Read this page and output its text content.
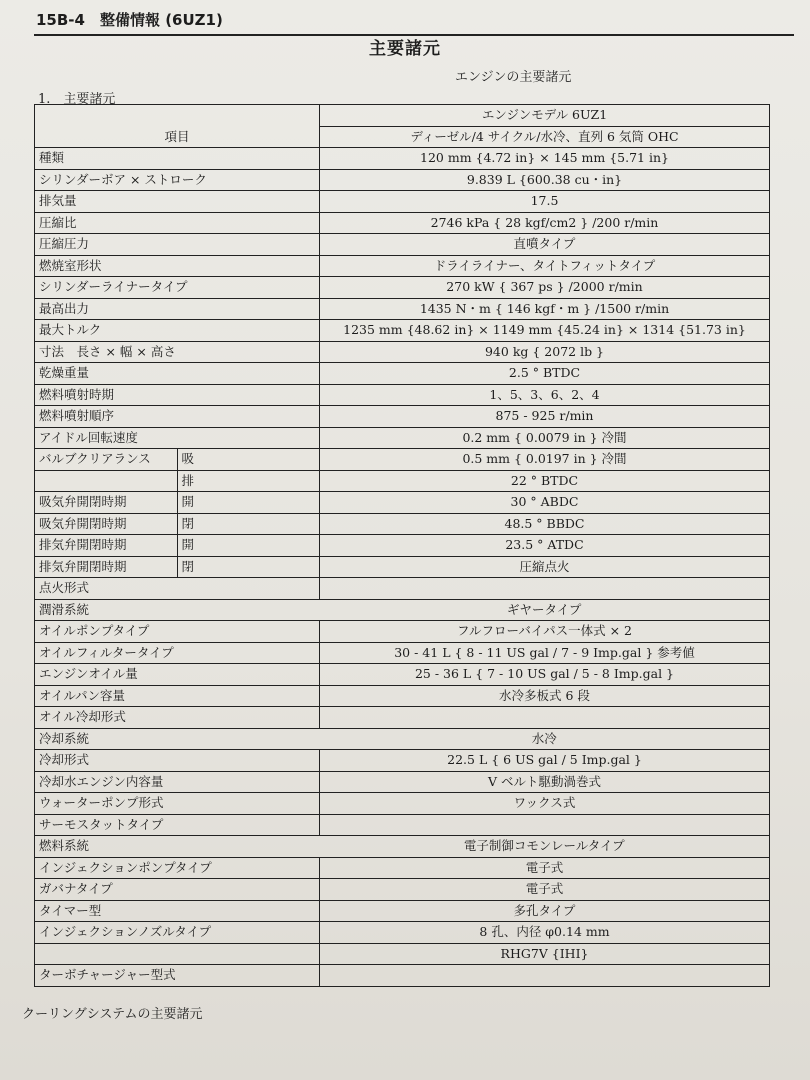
15B-4　整備情報 (6UZ1)
主要諸元
エンジンの主要諸元
1.　主要諸元
		エンジンモデル 6UZ1
項目		ディーゼル/4 サイクル/水冷、直列 6 気筒 OHC
種類		120 mm {4.72 in} × 145 mm {5.71 in}
シリンダーボア × ストローク		9.839 L {600.38 cu・in}
排気量		17.5
圧縮比		2746 kPa { 28 kgf/cm2 } /200 r/min
圧縮圧力		直噴タイプ
燃焼室形状		ドライライナー、タイトフィットタイプ
シリンダーライナータイプ		270 kW { 367 ps } /2000 r/min
最高出力		1435 N・m { 146 kgf・m } /1500 r/min
最大トルク		1235 mm {48.62 in} × 1149 mm {45.24 in} × 1314 {51.73 in}
寸法　長さ × 幅 × 高さ		940 kg { 2072 lb }
乾燥重量		2.5 ° BTDC
燃料噴射時期		1、5、3、6、2、4
燃料噴射順序		875 - 925 r/min
アイドル回転速度		0.2 mm { 0.0079 in } 冷間
バルブクリアランス	吸	0.5 mm { 0.0197 in } 冷間
	排	22 ° BTDC
吸気弁開閉時期	開	30 ° ABDC
吸気弁開閉時期	閉	48.5 ° BBDC
排気弁開閉時期	開	23.5 ° ATDC
排気弁開閉時期	閉	圧縮点火
点火形式		
潤滑系統		ギヤータイプ
オイルポンプタイプ		フルフローバイパス一体式 × 2
オイルフィルタータイプ		30 - 41 L { 8 - 11 US gal / 7 - 9 Imp.gal } 参考値
エンジンオイル量		25 - 36 L { 7 - 10 US gal / 5 - 8 Imp.gal }
オイルパン容量		水冷多板式 6 段
オイル冷却形式		
冷却系統		水冷
冷却形式		22.5 L { 6 US gal / 5 Imp.gal }
冷却水エンジン内容量		V ベルト駆動渦巻式
ウォーターポンプ形式		ワックス式
サーモスタットタイプ		
燃料系統		電子制御コモンレールタイプ
インジェクションポンプタイプ		電子式
ガバナタイプ		電子式
タイマー型		多孔タイプ
インジェクションノズルタイプ		8 孔、内径 φ0.14 mm
		RHG7V {IHI}
ターボチャージャー型式		
クーリングシステムの主要諸元
